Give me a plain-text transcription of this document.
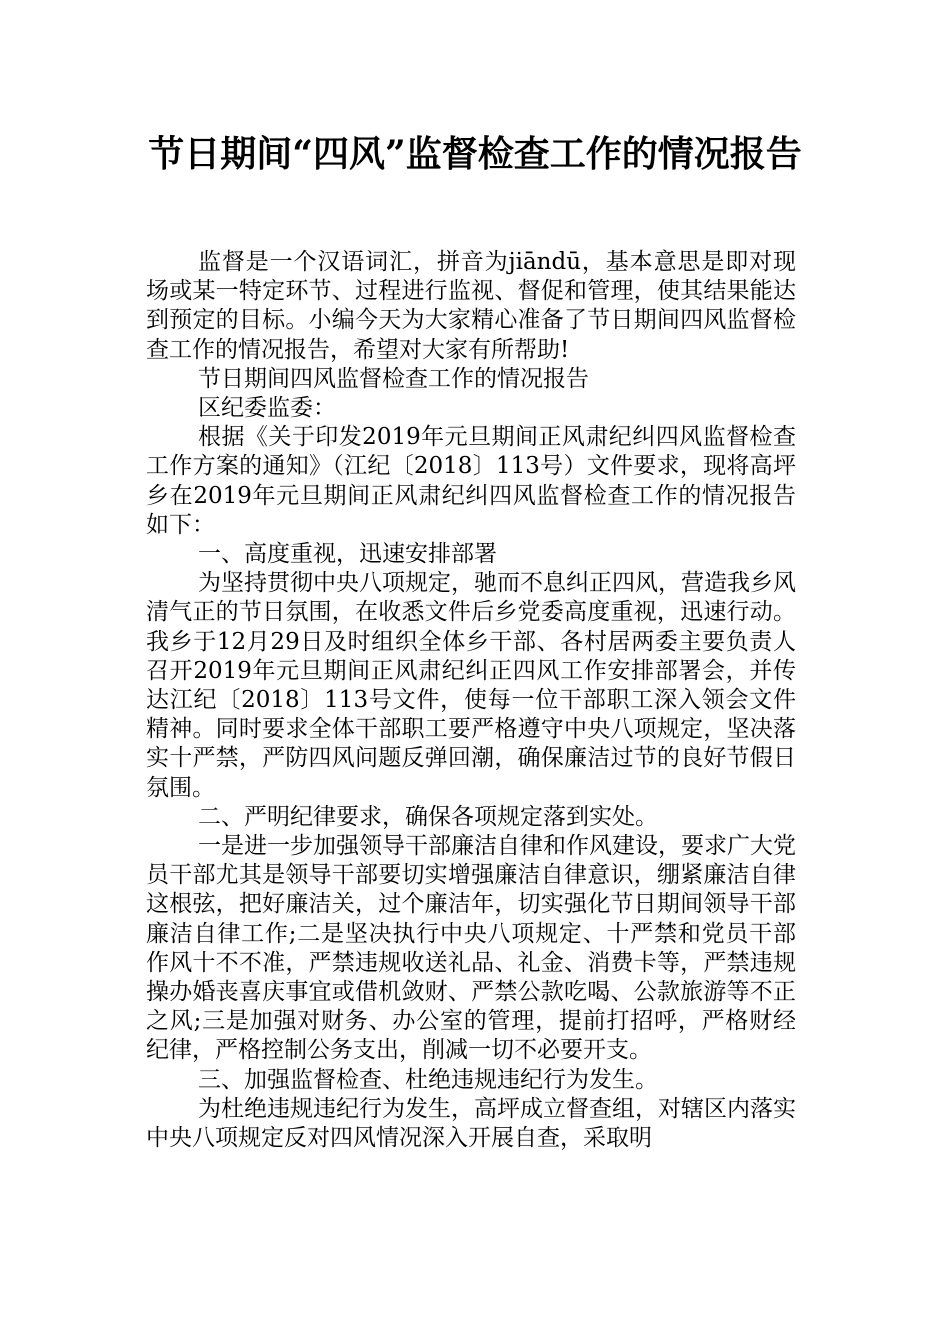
节日期间“四风”监督检查工作的情况报告

监督是一个汉语词汇，拼音为jiāndū，基本意思是即对现场或某一特定环节、过程进行监视、督促和管理，使其结果能达到预定的目标。小编今天为大家精心准备了节日期间四风监督检查工作的情况报告，希望对大家有所帮助!

节日期间四风监督检查工作的情况报告

区纪委监委：

根据《关于印发2019年元旦期间正风肃纪纠四风监督检查工作方案的通知》（江纪〔2018〕113号）文件要求，现将高坪乡在2019年元旦期间正风肃纪纠四风监督检查工作的情况报告如下：

一、高度重视，迅速安排部署

为坚持贯彻中央八项规定，驰而不息纠正四风，营造我乡风清气正的节日氛围，在收悉文件后乡党委高度重视，迅速行动。我乡于12月29日及时组织全体乡干部、各村居两委主要负责人召开2019年元旦期间正风肃纪纠正四风工作安排部署会，并传达江纪〔2018〕113号文件，使每一位干部职工深入领会文件精神。同时要求全体干部职工要严格遵守中央八项规定，坚决落实十严禁，严防四风问题反弹回潮，确保廉洁过节的良好节假日氛围。

二、严明纪律要求，确保各项规定落到实处。

一是进一步加强领导干部廉洁自律和作风建设，要求广大党员干部尤其是领导干部要切实增强廉洁自律意识，绷紧廉洁自律这根弦，把好廉洁关，过个廉洁年，切实强化节日期间领导干部廉洁自律工作;二是坚决执行中央八项规定、十严禁和党员干部作风十不不准，严禁违规收送礼品、礼金、消费卡等，严禁违规操办婚丧喜庆事宜或借机敛财、严禁公款吃喝、公款旅游等不正之风;三是加强对财务、办公室的管理，提前打招呼，严格财经纪律，严格控制公务支出，削减一切不必要开支。

三、加强监督检查、杜绝违规违纪行为发生。

为杜绝违规违纪行为发生，高坪成立督查组，对辖区内落实中央八项规定反对四风情况深入开展自查，采取明
